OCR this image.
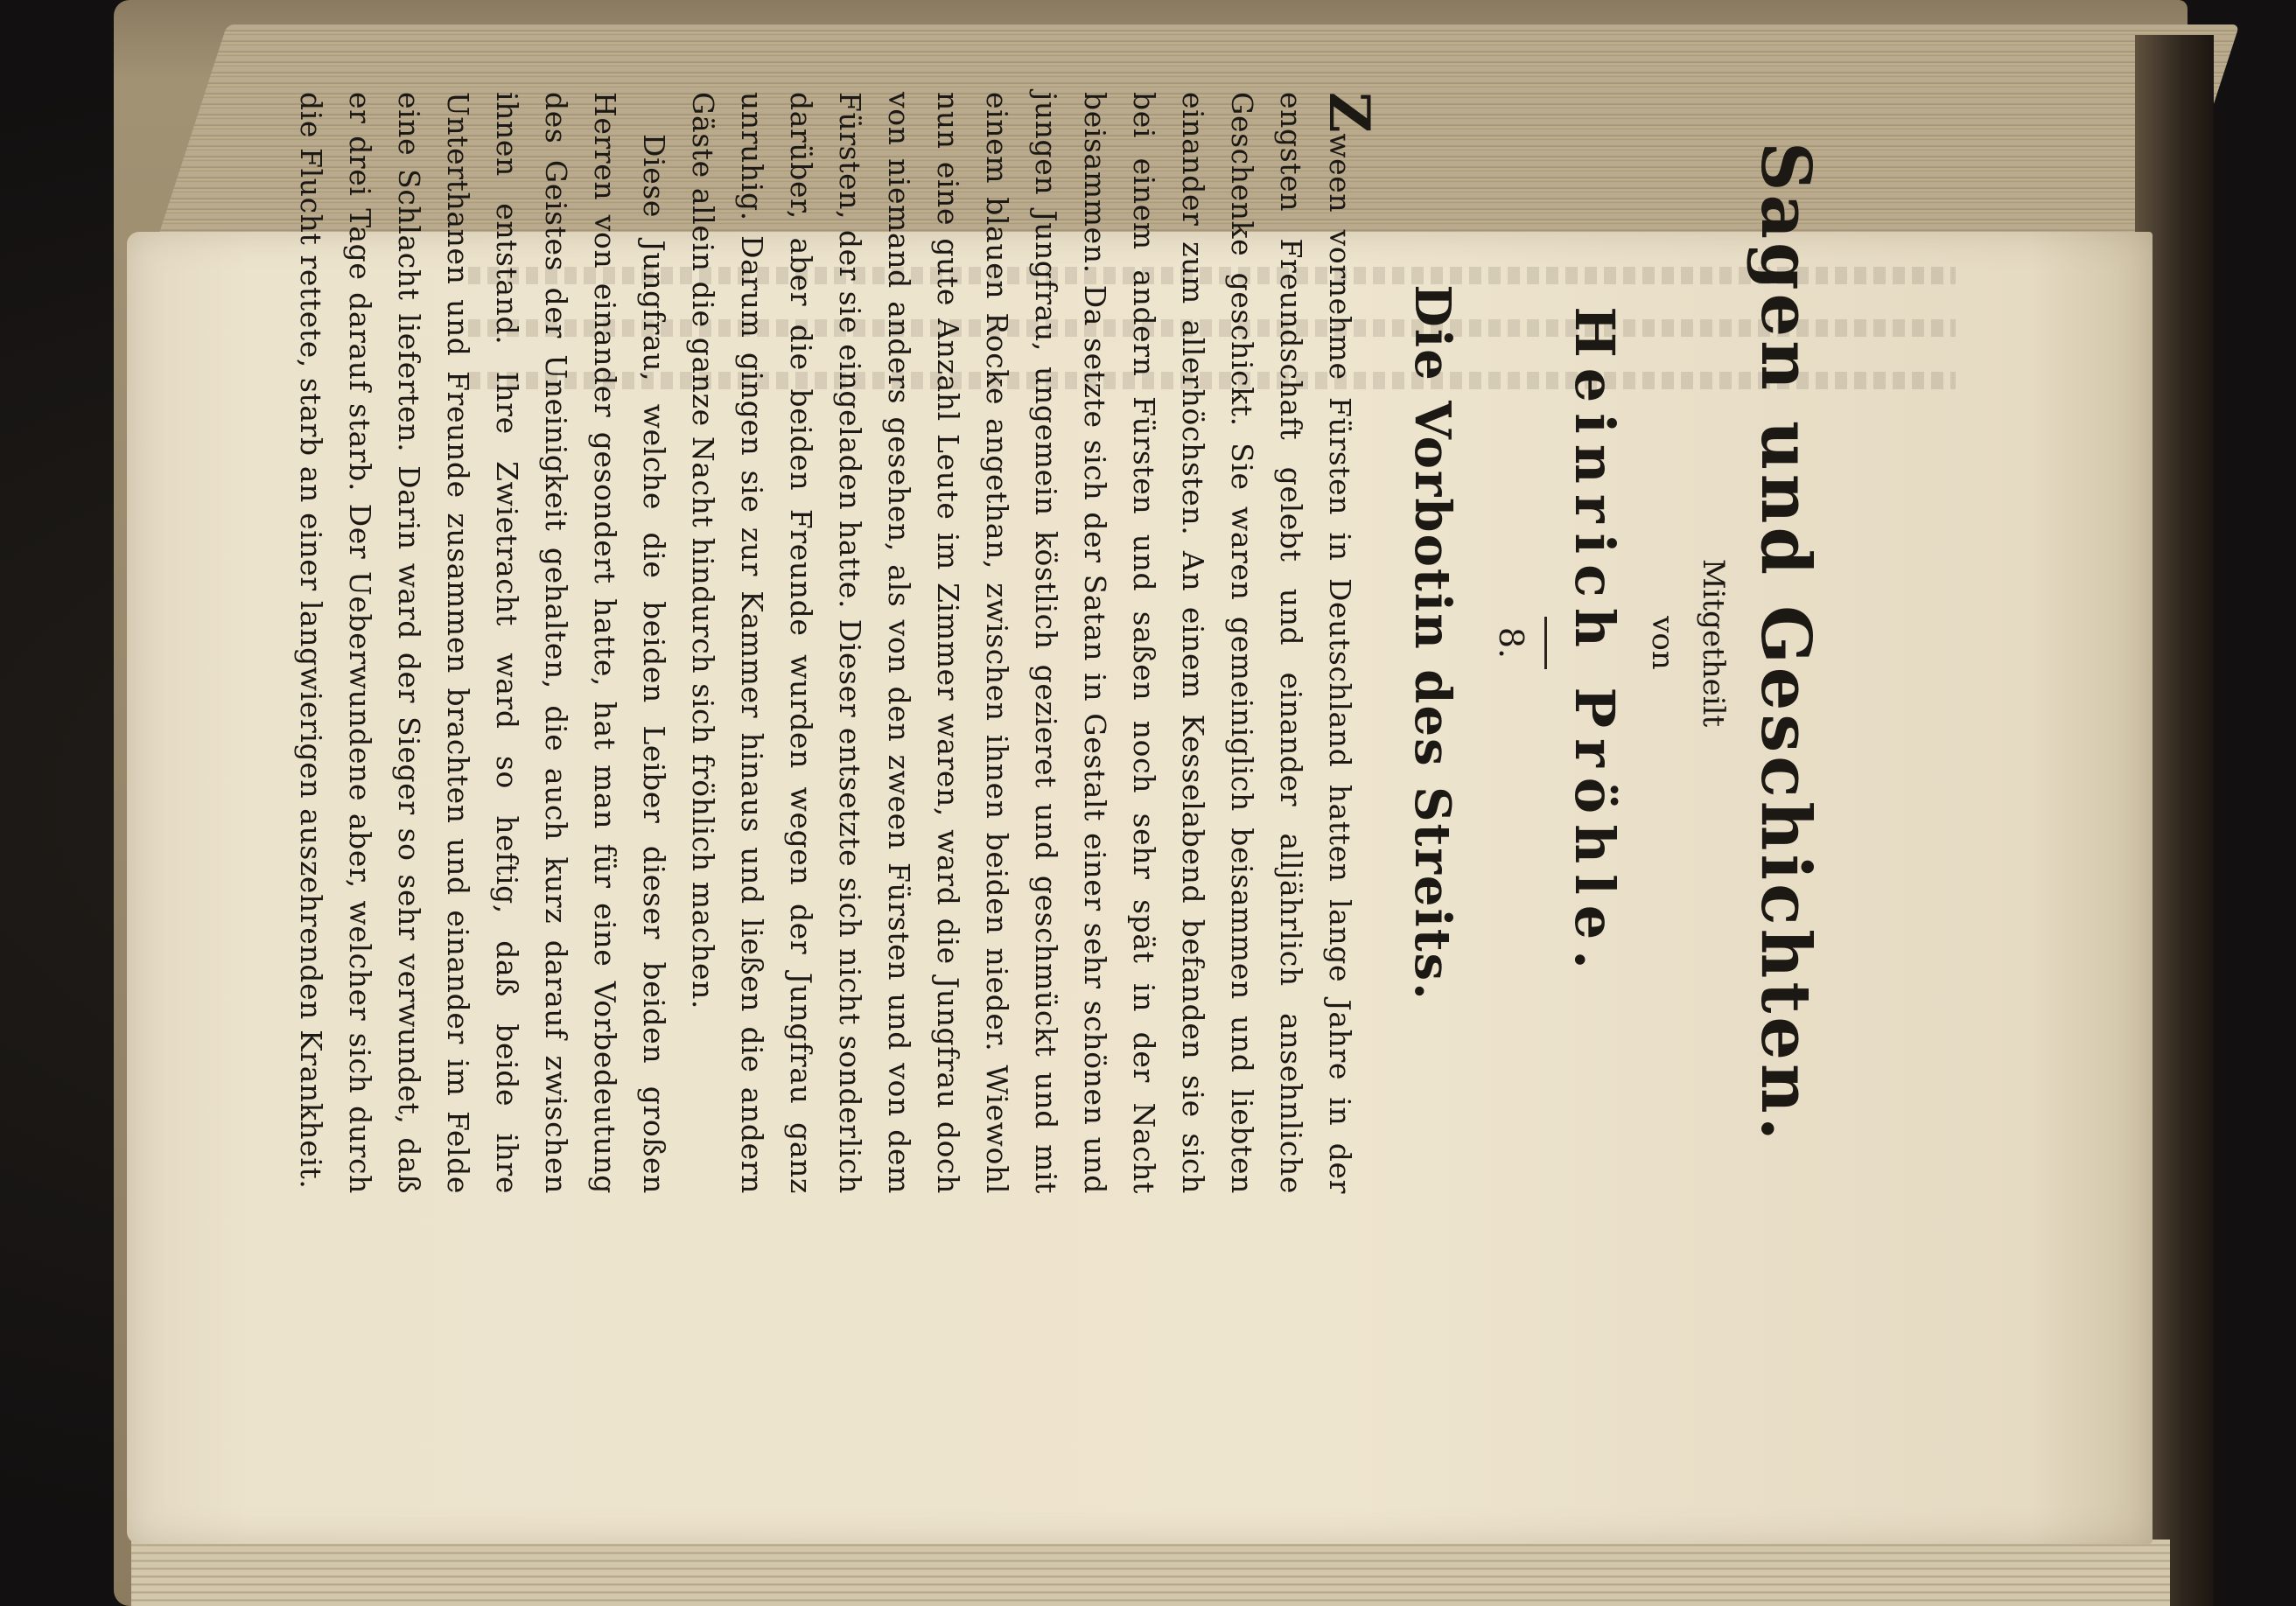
Sagen und Geschichten.
Mitgetheilt
von
Heinrich Pröhle.
8.
Die Vorbotin des Streits.

Zween vornehme Fürsten in Deutschland hatten lange Jahre in der engsten Freundschaft gelebt und einander alljährlich ansehnliche Geschenke geschickt. Sie waren gemeiniglich beisammen und liebten einander zum allerhöchsten. An einem Kesselabend befanden sie sich bei einem andern Fürsten und saßen noch sehr spät in der Nacht beisammen. Da setzte sich der Satan in Gestalt einer sehr schönen und jungen Jungfrau, ungemein köstlich gezieret und geschmückt und mit einem blauen Rocke angethan, zwischen ihnen beiden nieder. Wiewohl nun eine gute Anzahl Leute im Zimmer waren, ward die Jungfrau doch von niemand anders gesehen, als von den zween Fürsten und von dem Fürsten, der sie eingeladen hatte. Dieser entsetzte sich nicht sonderlich darüber, aber die beiden Freunde wurden wegen der Jungfrau ganz unruhig. Darum gingen sie zur Kammer hinaus und ließen die andern Gäste allein die ganze Nacht hindurch sich fröhlich machen.

Diese Jungfrau, welche die beiden Leiber dieser beiden großen Herren von einander gesondert hatte, hat man für eine Vorbedeutung des Geistes der Uneinigkeit gehalten, die auch kurz darauf zwischen ihnen entstand. Ihre Zwietracht ward so heftig, daß beide ihre Unterthanen und Freunde zusammen brachten und einander im Felde eine Schlacht lieferten. Darin ward der Sieger so sehr verwundet, daß er drei Tage darauf starb. Der Ueberwundene aber, welcher sich durch die Flucht rettete, starb an einer langwierigen auszehrenden Krankheit.
